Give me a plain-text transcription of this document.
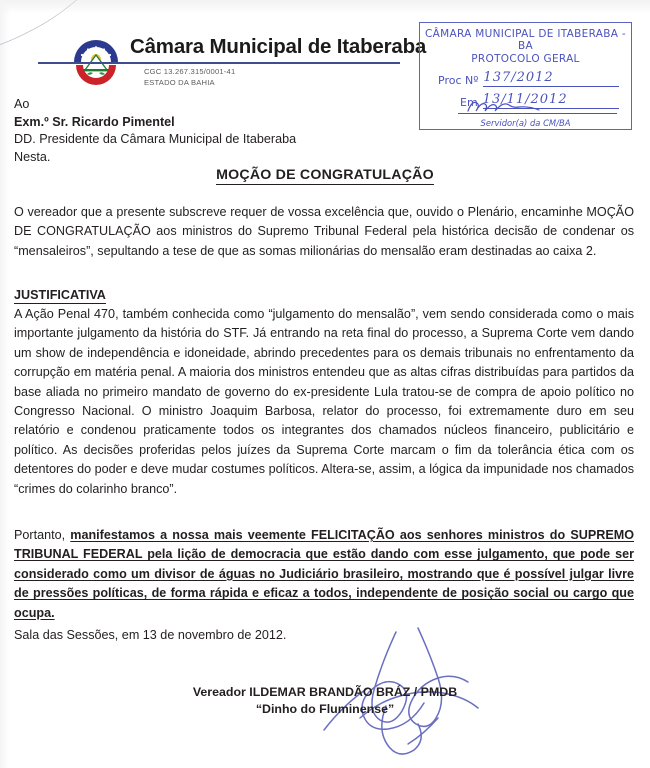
Câmara Municipal de Itaberaba
CGC 13.267.315/0001-41
ESTADO DA BAHIA
CÂMARA MUNICIPAL DE ITABERABA - BA
PROTOCOLO GERAL
Proc Nº 137/2012
Em 13/11/2012
Servidor(a) da CM/BA
Ao
Exm.º Sr. Ricardo Pimentel
DD. Presidente da Câmara Municipal de Itaberaba
Nesta.
MOÇÃO DE CONGRATULAÇÃO
O vereador que a presente subscreve requer de vossa excelência que, ouvido o Plenário, encaminhe MOÇÃO DE CONGRATULAÇÃO aos ministros do Supremo Tribunal Federal pela histórica decisão de condenar os “mensaleiros”, sepultando a tese de que as somas milionárias do mensalão eram destinadas ao caixa 2.
JUSTIFICATIVA
A Ação Penal 470, também conhecida como “julgamento do mensalão”, vem sendo considerada como o mais importante julgamento da história do STF. Já entrando na reta final do processo, a Suprema Corte vem dando um show de independência e idoneidade, abrindo precedentes para os demais tribunais no enfrentamento da corrupção em matéria penal. A maioria dos ministros entendeu que as altas cifras distribuídas para partidos da base aliada no primeiro mandato de governo do ex-presidente Lula tratou-se de compra de apoio político no Congresso Nacional. O ministro Joaquim Barbosa, relator do processo, foi extremamente duro em seu relatório e condenou praticamente todos os integrantes dos chamados núcleos financeiro, publicitário e político. As decisões proferidas pelos juízes da Suprema Corte marcam o fim da tolerância ética com os detentores do poder e deve mudar costumes políticos. Altera-se, assim, a lógica da impunidade nos chamados “crimes do colarinho branco”.
Portanto, manifestamos a nossa mais veemente FELICITAÇÃO aos senhores ministros do SUPREMO TRIBUNAL FEDERAL pela lição de democracia que estão dando com esse julgamento, que pode ser considerado como um divisor de águas no Judiciário brasileiro, mostrando que é possível julgar livre de pressões políticas, de forma rápida e eficaz a todos, independente de posição social ou cargo que ocupa.
Sala das Sessões, em 13 de novembro de 2012.
Vereador ILDEMAR BRANDÃO BRÁZ / PMDB
“Dinho do Fluminense”
